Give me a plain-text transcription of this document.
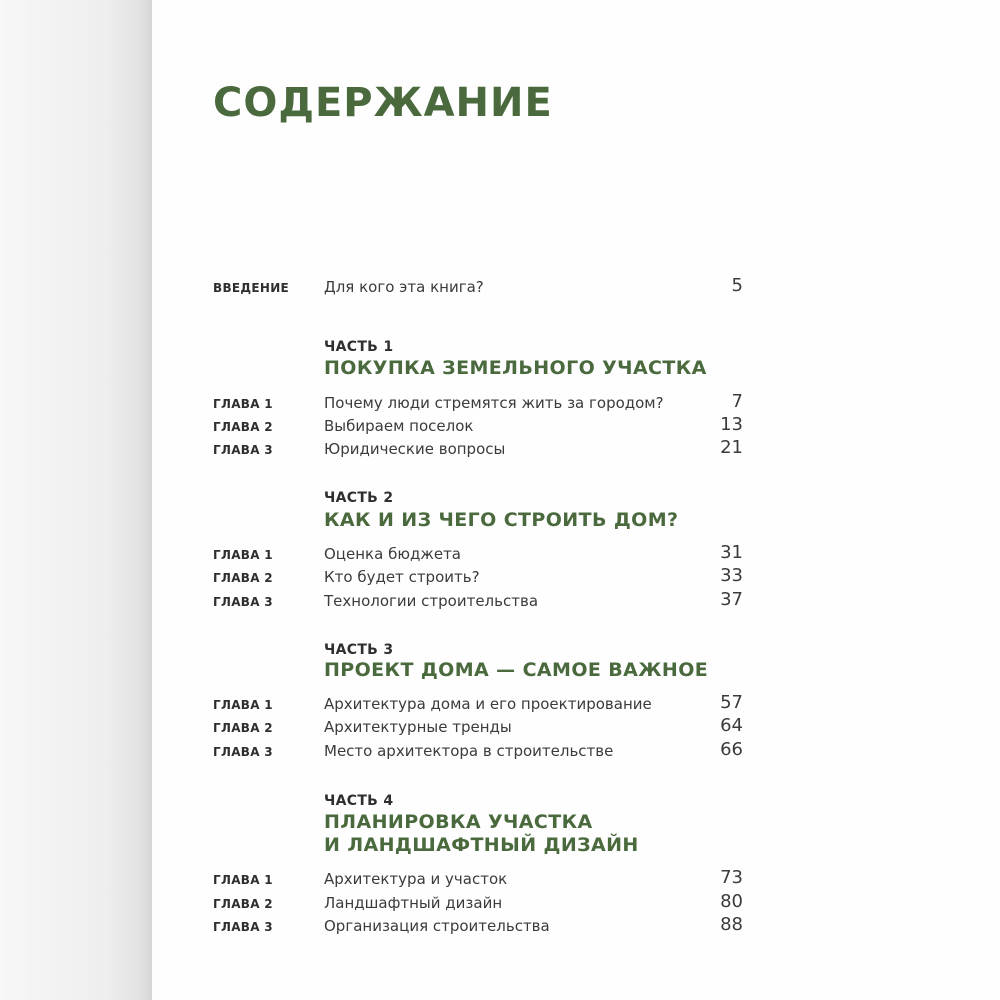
СОДЕРЖАНИЕ
ВВЕДЕНИЕ Для кого эта книга?	5
ЧАСТЬ 1
ПОКУПКА ЗЕМЕЛЬНОГО УЧАСТКА
ГЛАВА 1	Почему люди стремятся жить за городом?	7
ГЛАВА 2	Выбираем поселок	13
ГЛАВА 3	Юридические вопросы	21
ЧАСТЬ 2
КАК И ИЗ ЧЕГО СТРОИТЬ ДОМ?
ГЛАВА 1	Оценка бюджета	31
ГЛАВА 2	Кто будет строить?	33
ГЛАВА 3	Технологии строительства	37
ЧАСТЬ 3
ПРОЕКТ ДОМА — САМОЕ ВАЖНОЕ
ГЛАВА 1	Архитектура дома и его проектирование	57
ГЛАВА 2	Архитектурные тренды	64
ГЛАВА 3	Место архитектора в строительстве	66
ЧАСТЬ 4
ПЛАНИРОВКА УЧАСТКА
И ЛАНДШАФТНЫЙ ДИЗАЙН
ГЛАВА 1	Архитектура и участок	73
ГЛАВА 2	Ландшафтный дизайн	80
ГЛАВА 3	Организация строительства	88
